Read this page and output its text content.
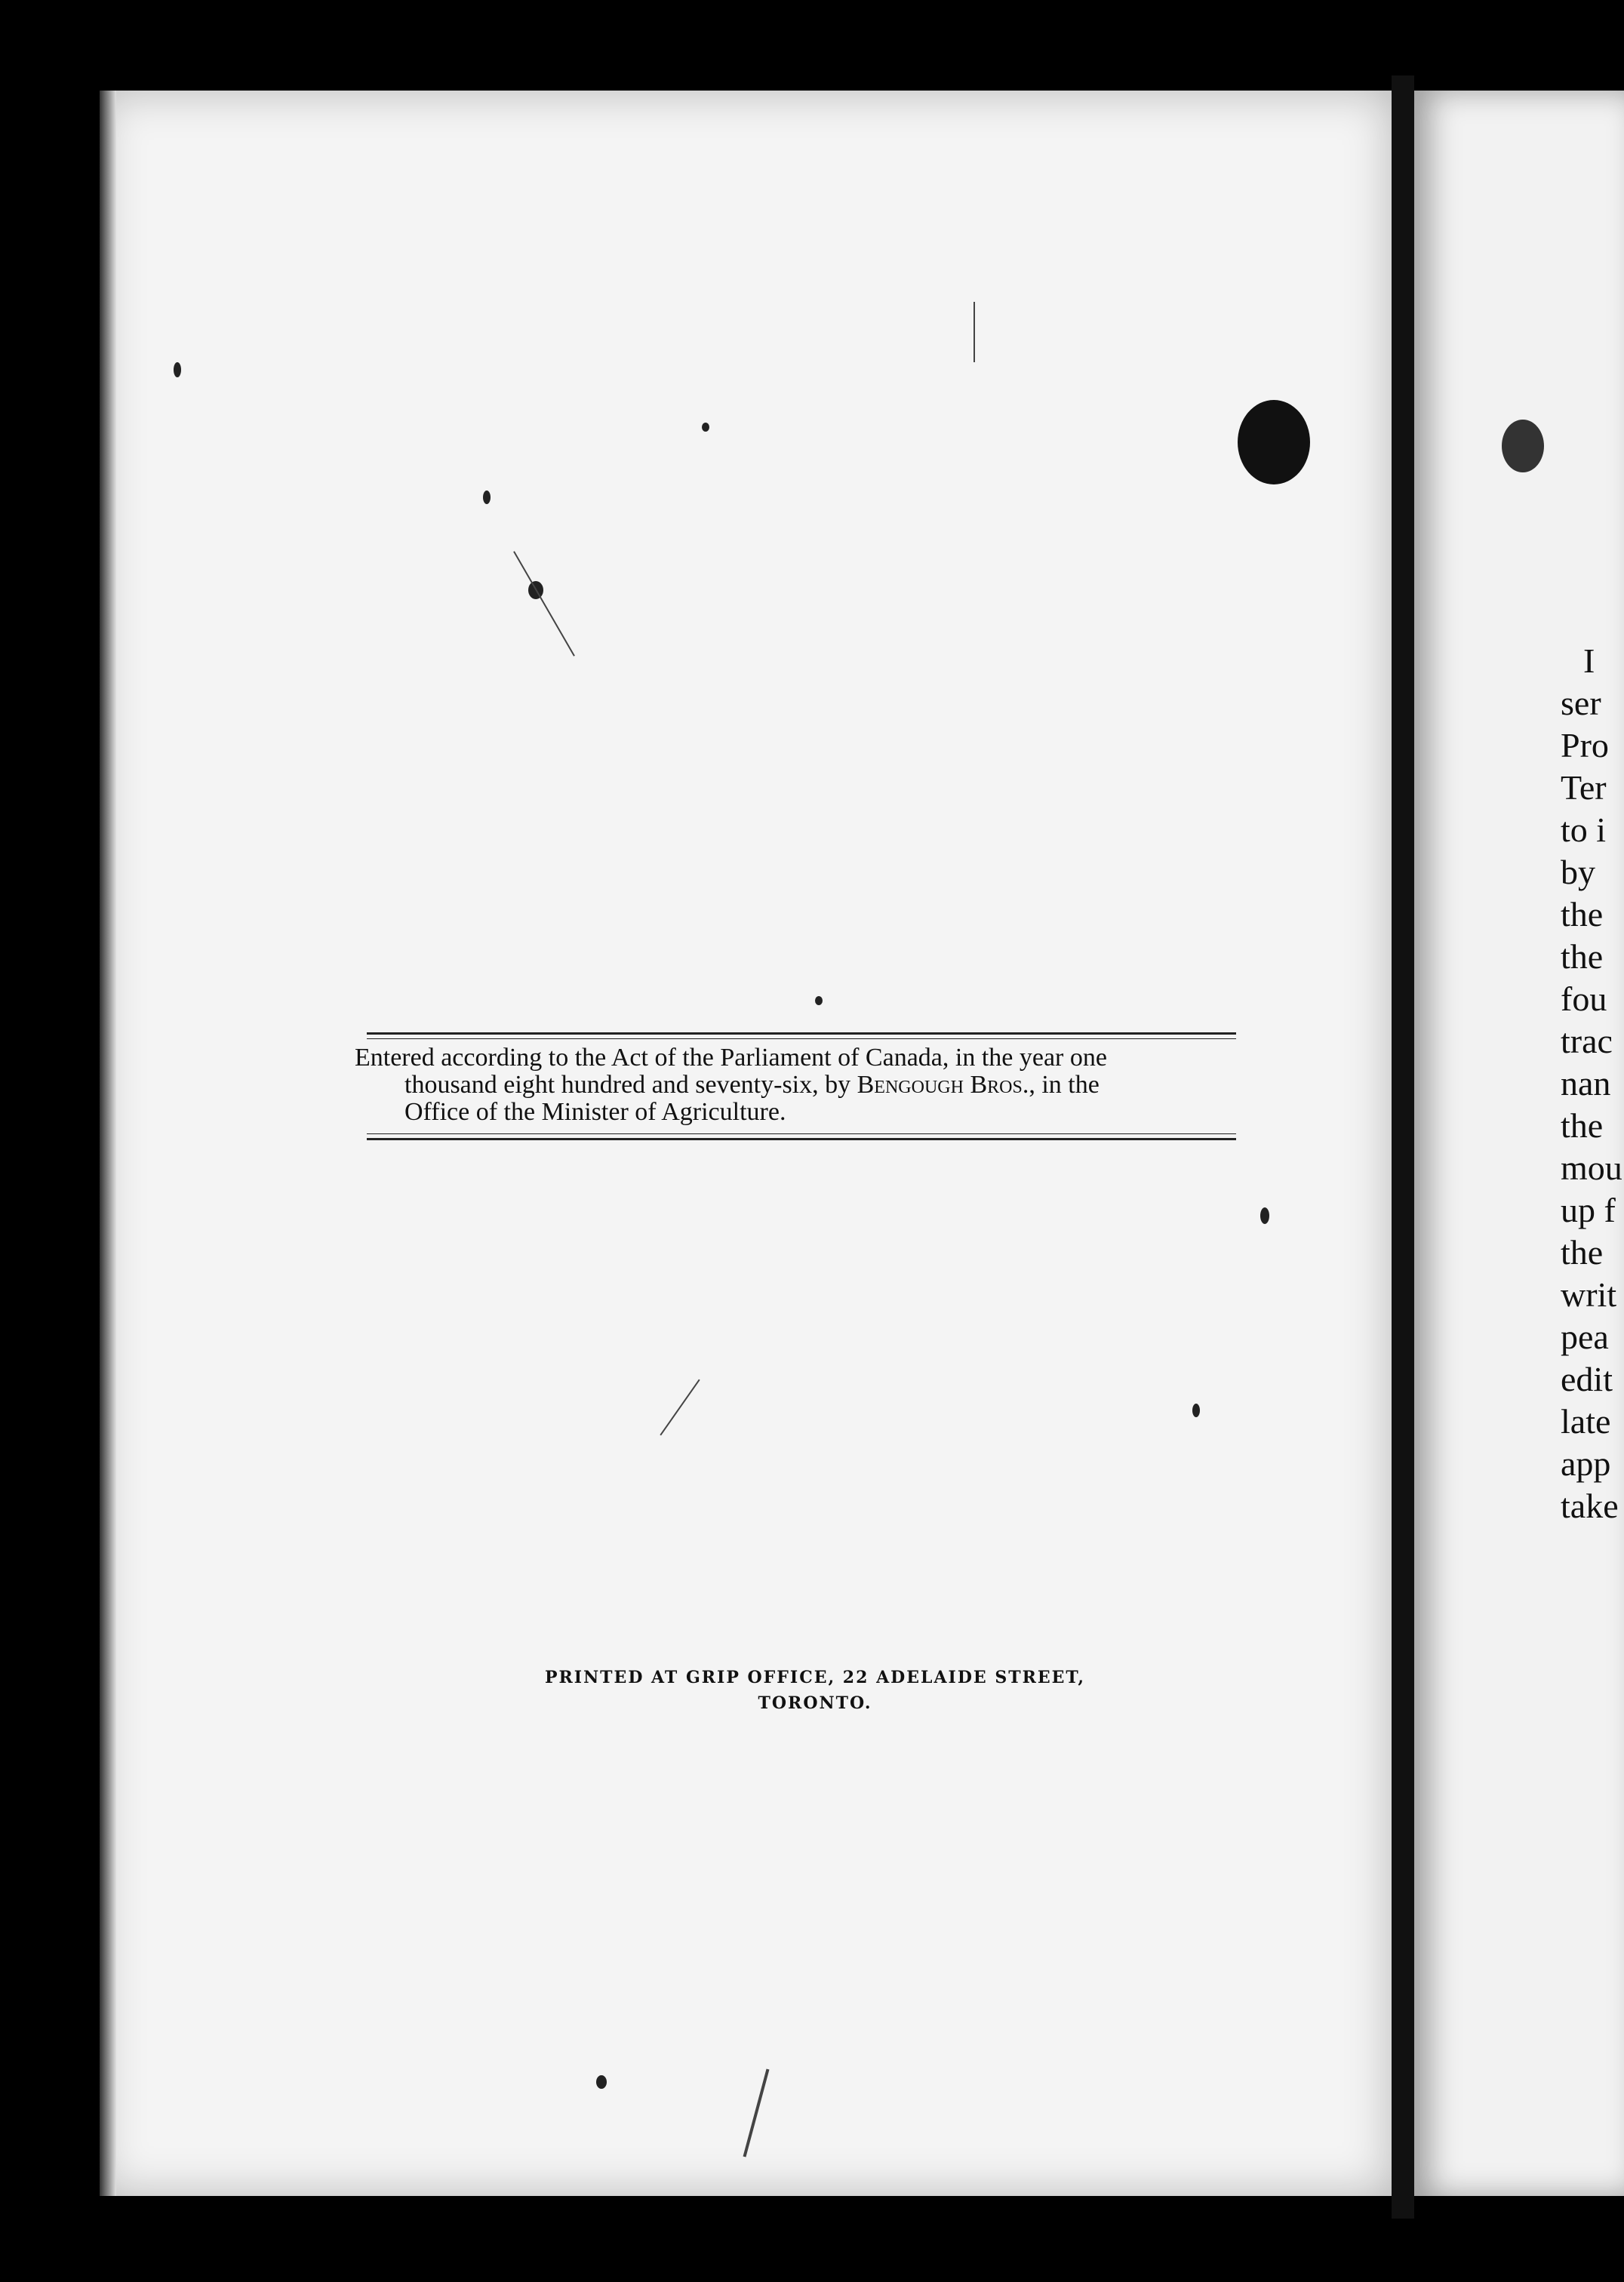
Entered according to the Act of the Parliament of Canada, in the year one
thousand eight hundred and seventy-six, by Bengough Bros., in the
Office of the Minister of Agriculture.
PRINTED AT GRIP OFFICE, 22 ADELAIDE STREET,
TORONTO.
I
ser
Pro
Ter
to i
by
the
the
fou
trac
nan
the
mou
up f
the
writ
pea
edit
late
app
take
